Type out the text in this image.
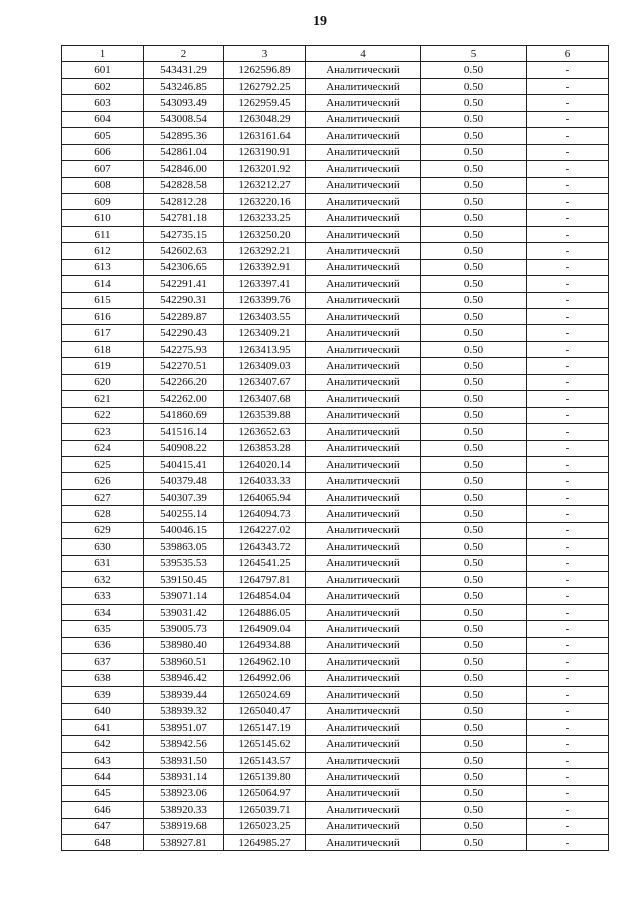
19
1	2	3	4	5	6
601	543431.29	1262596.89	Аналитический	0.50	-
602	543246.85	1262792.25	Аналитический	0.50	-
603	543093.49	1262959.45	Аналитический	0.50	-
604	543008.54	1263048.29	Аналитический	0.50	-
605	542895.36	1263161.64	Аналитический	0.50	-
606	542861.04	1263190.91	Аналитический	0.50	-
607	542846.00	1263201.92	Аналитический	0.50	-
608	542828.58	1263212.27	Аналитический	0.50	-
609	542812.28	1263220.16	Аналитический	0.50	-
610	542781.18	1263233.25	Аналитический	0.50	-
611	542735.15	1263250.20	Аналитический	0.50	-
612	542602.63	1263292.21	Аналитический	0.50	-
613	542306.65	1263392.91	Аналитический	0.50	-
614	542291.41	1263397.41	Аналитический	0.50	-
615	542290.31	1263399.76	Аналитический	0.50	-
616	542289.87	1263403.55	Аналитический	0.50	-
617	542290.43	1263409.21	Аналитический	0.50	-
618	542275.93	1263413.95	Аналитический	0.50	-
619	542270.51	1263409.03	Аналитический	0.50	-
620	542266.20	1263407.67	Аналитический	0.50	-
621	542262.00	1263407.68	Аналитический	0.50	-
622	541860.69	1263539.88	Аналитический	0.50	-
623	541516.14	1263652.63	Аналитический	0.50	-
624	540908.22	1263853.28	Аналитический	0.50	-
625	540415.41	1264020.14	Аналитический	0.50	-
626	540379.48	1264033.33	Аналитический	0.50	-
627	540307.39	1264065.94	Аналитический	0.50	-
628	540255.14	1264094.73	Аналитический	0.50	-
629	540046.15	1264227.02	Аналитический	0.50	-
630	539863.05	1264343.72	Аналитический	0.50	-
631	539535.53	1264541.25	Аналитический	0.50	-
632	539150.45	1264797.81	Аналитический	0.50	-
633	539071.14	1264854.04	Аналитический	0.50	-
634	539031.42	1264886.05	Аналитический	0.50	-
635	539005.73	1264909.04	Аналитический	0.50	-
636	538980.40	1264934.88	Аналитический	0.50	-
637	538960.51	1264962.10	Аналитический	0.50	-
638	538946.42	1264992.06	Аналитический	0.50	-
639	538939.44	1265024.69	Аналитический	0.50	-
640	538939.32	1265040.47	Аналитический	0.50	-
641	538951.07	1265147.19	Аналитический	0.50	-
642	538942.56	1265145.62	Аналитический	0.50	-
643	538931.50	1265143.57	Аналитический	0.50	-
644	538931.14	1265139.80	Аналитический	0.50	-
645	538923.06	1265064.97	Аналитический	0.50	-
646	538920.33	1265039.71	Аналитический	0.50	-
647	538919.68	1265023.25	Аналитический	0.50	-
648	538927.81	1264985.27	Аналитический	0.50	-
